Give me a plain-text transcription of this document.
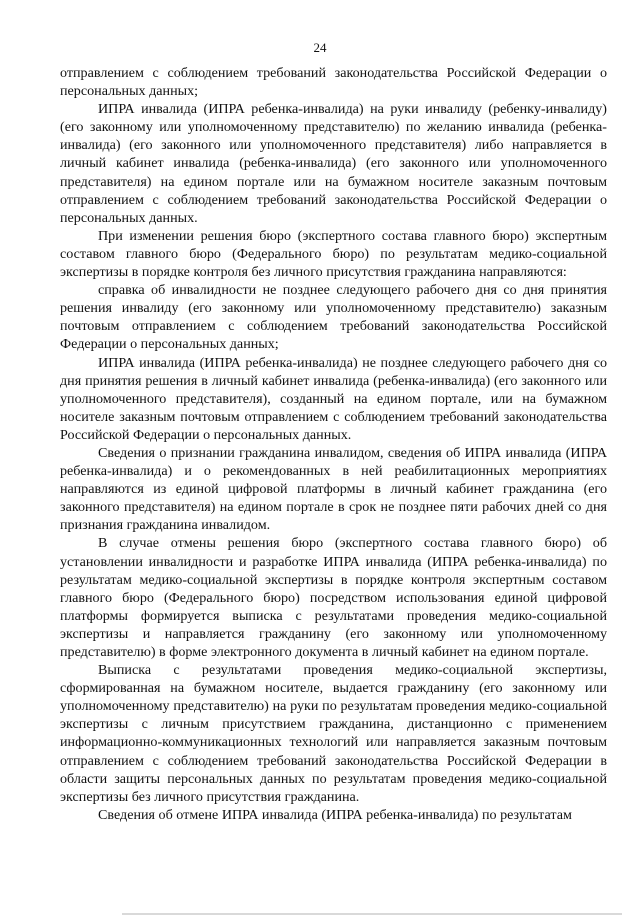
24

отправлением с соблюдением требований законодательства Российской Федерации о персональных данных;

ИПРА инвалида (ИПРА ребенка-инвалида) на руки инвалиду (ребенку-инвалиду) (его законному или уполномоченному представителю) по желанию инвалида (ребенка-инвалида) (его законного или уполномоченного представителя) либо направляется в личный кабинет инвалида (ребенка-инвалида) (его законного или уполномоченного представителя) на едином портале или на бумажном носителе заказным почтовым отправлением с соблюдением требований законодательства Российской Федерации о персональных данных.

При изменении решения бюро (экспертного состава главного бюро) экспертным составом главного бюро (Федерального бюро) по результатам медико-социальной экспертизы в порядке контроля без личного присутствия гражданина направляются:

справка об инвалидности не позднее следующего рабочего дня со дня принятия решения инвалиду (его законному или уполномоченному представителю) заказным почтовым отправлением с соблюдением требований законодательства Российской Федерации о персональных данных;

ИПРА инвалида (ИПРА ребенка-инвалида) не позднее следующего рабочего дня со дня принятия решения в личный кабинет инвалида (ребенка-инвалида) (его законного или уполномоченного представителя), созданный на едином портале, или на бумажном носителе заказным почтовым отправлением с соблюдением требований законодательства Российской Федерации о персональных данных.

Сведения о признании гражданина инвалидом, сведения об ИПРА инвалида (ИПРА ребенка-инвалида) и о рекомендованных в ней реабилитационных мероприятиях направляются из единой цифровой платформы в личный кабинет гражданина (его законного представителя) на едином портале в срок не позднее пяти рабочих дней со дня признания гражданина инвалидом.

В случае отмены решения бюро (экспертного состава главного бюро) об установлении инвалидности и разработке ИПРА инвалида (ИПРА ребенка-инвалида) по результатам медико-социальной экспертизы в порядке контроля экспертным составом главного бюро (Федерального бюро) посредством использования единой цифровой платформы формируется выписка с результатами проведения медико-социальной экспертизы и направляется гражданину (его законному или уполномоченному представителю) в форме электронного документа в личный кабинет на едином портале.

Выписка с результатами проведения медико-социальной экспертизы, сформированная на бумажном носителе, выдается гражданину (его законному или уполномоченному представителю) на руки по результатам проведения медико-социальной экспертизы с личным присутствием гражданина, дистанционно с применением информационно-коммуникационных технологий или направляется заказным почтовым отправлением с соблюдением требований законодательства Российской Федерации в области защиты персональных данных по результатам проведения медико-социальной экспертизы без личного присутствия гражданина.

Сведения об отмене ИПРА инвалида (ИПРА ребенка-инвалида) по результатам
